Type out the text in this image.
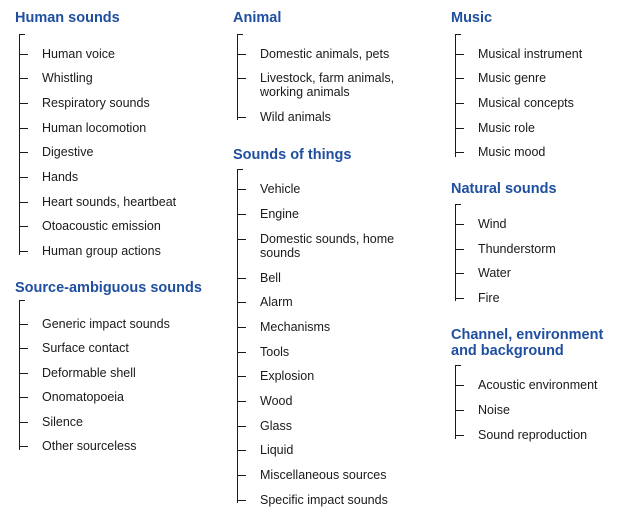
Human sounds
Human voice
Whistling
Respiratory sounds
Human locomotion
Digestive
Hands
Heart sounds, heartbeat
Otoacoustic emission
Human group actions
Source-ambiguous sounds
Generic impact sounds
Surface contact
Deformable shell
Onomatopoeia
Silence
Other sourceless
Animal
Domestic animals, pets
Livestock, farm animals, working animals
Wild animals
Sounds of things
Vehicle
Engine
Domestic sounds, home sounds
Bell
Alarm
Mechanisms
Tools
Explosion
Wood
Glass
Liquid
Miscellaneous sources
Specific impact sounds
Music
Musical instrument
Music genre
Musical concepts
Music role
Music mood
Natural sounds
Wind
Thunderstorm
Water
Fire
Channel, environment and background
Acoustic environment
Noise
Sound reproduction
